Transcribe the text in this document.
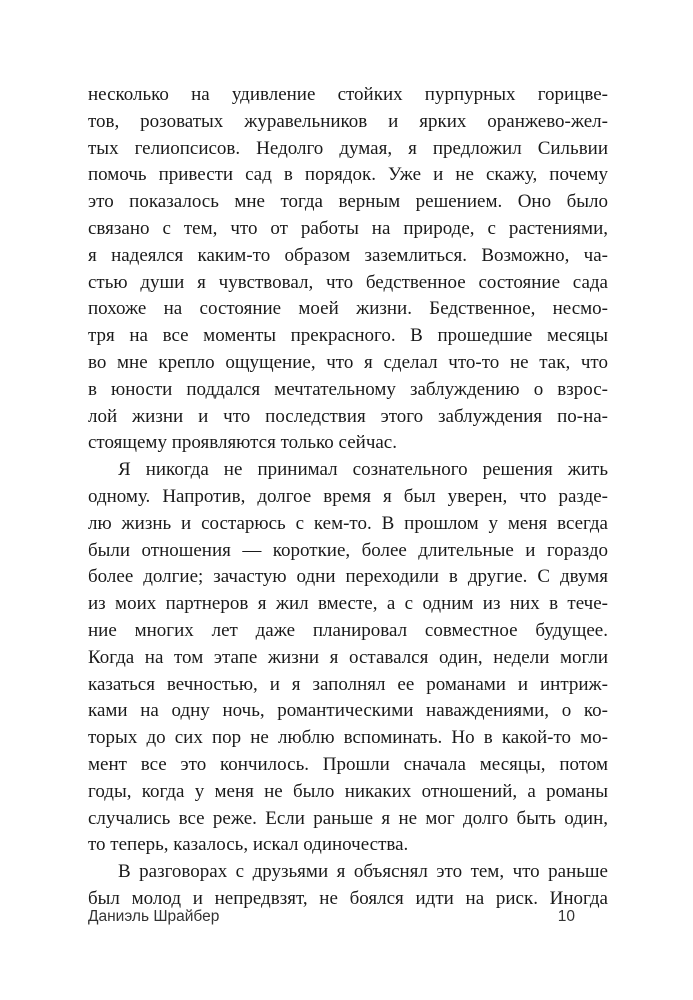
несколько на удивление стойких пурпурных горицве-
тов, розоватых журавельников и ярких оранжево-жел-
тых гелиопсисов. Недолго думая, я предложил Сильвии
помочь привести сад в порядок. Уже и не скажу, почему
это показалось мне тогда верным решением. Оно было
связано с тем, что от работы на природе, с растениями,
я надеялся каким-то образом заземлиться. Возможно, ча-
стью души я чувствовал, что бедственное состояние сада
похоже на состояние моей жизни. Бедственное, несмо-
тря на все моменты прекрасного. В прошедшие месяцы
во мне крепло ощущение, что я сделал что-то не так, что
в юности поддался мечтательному заблуждению о взрос-
лой жизни и что последствия этого заблуждения по-на-
стоящему проявляются только сейчас.
Я никогда не принимал сознательного решения жить
одному. Напротив, долгое время я был уверен, что разде-
лю жизнь и состарюсь с кем-то. В прошлом у меня всегда
были отношения — короткие, более длительные и гораздо
более долгие; зачастую одни переходили в другие. С двумя
из моих партнеров я жил вместе, а с одним из них в тече-
ние многих лет даже планировал совместное будущее.
Когда на том этапе жизни я оставался один, недели могли
казаться вечностью, и я заполнял ее романами и интриж-
ками на одну ночь, романтическими наваждениями, о ко-
торых до сих пор не люблю вспоминать. Но в какой-то мо-
мент все это кончилось. Прошли сначала месяцы, потом
годы, когда у меня не было никаких отношений, а романы
случались все реже. Если раньше я не мог долго быть один,
то теперь, казалось, искал одиночества.
В разговорах с друзьями я объяснял это тем, что раньше
был молод и непредвзят, не боялся идти на риск. Иногда
Даниэль Шрайбер	10
